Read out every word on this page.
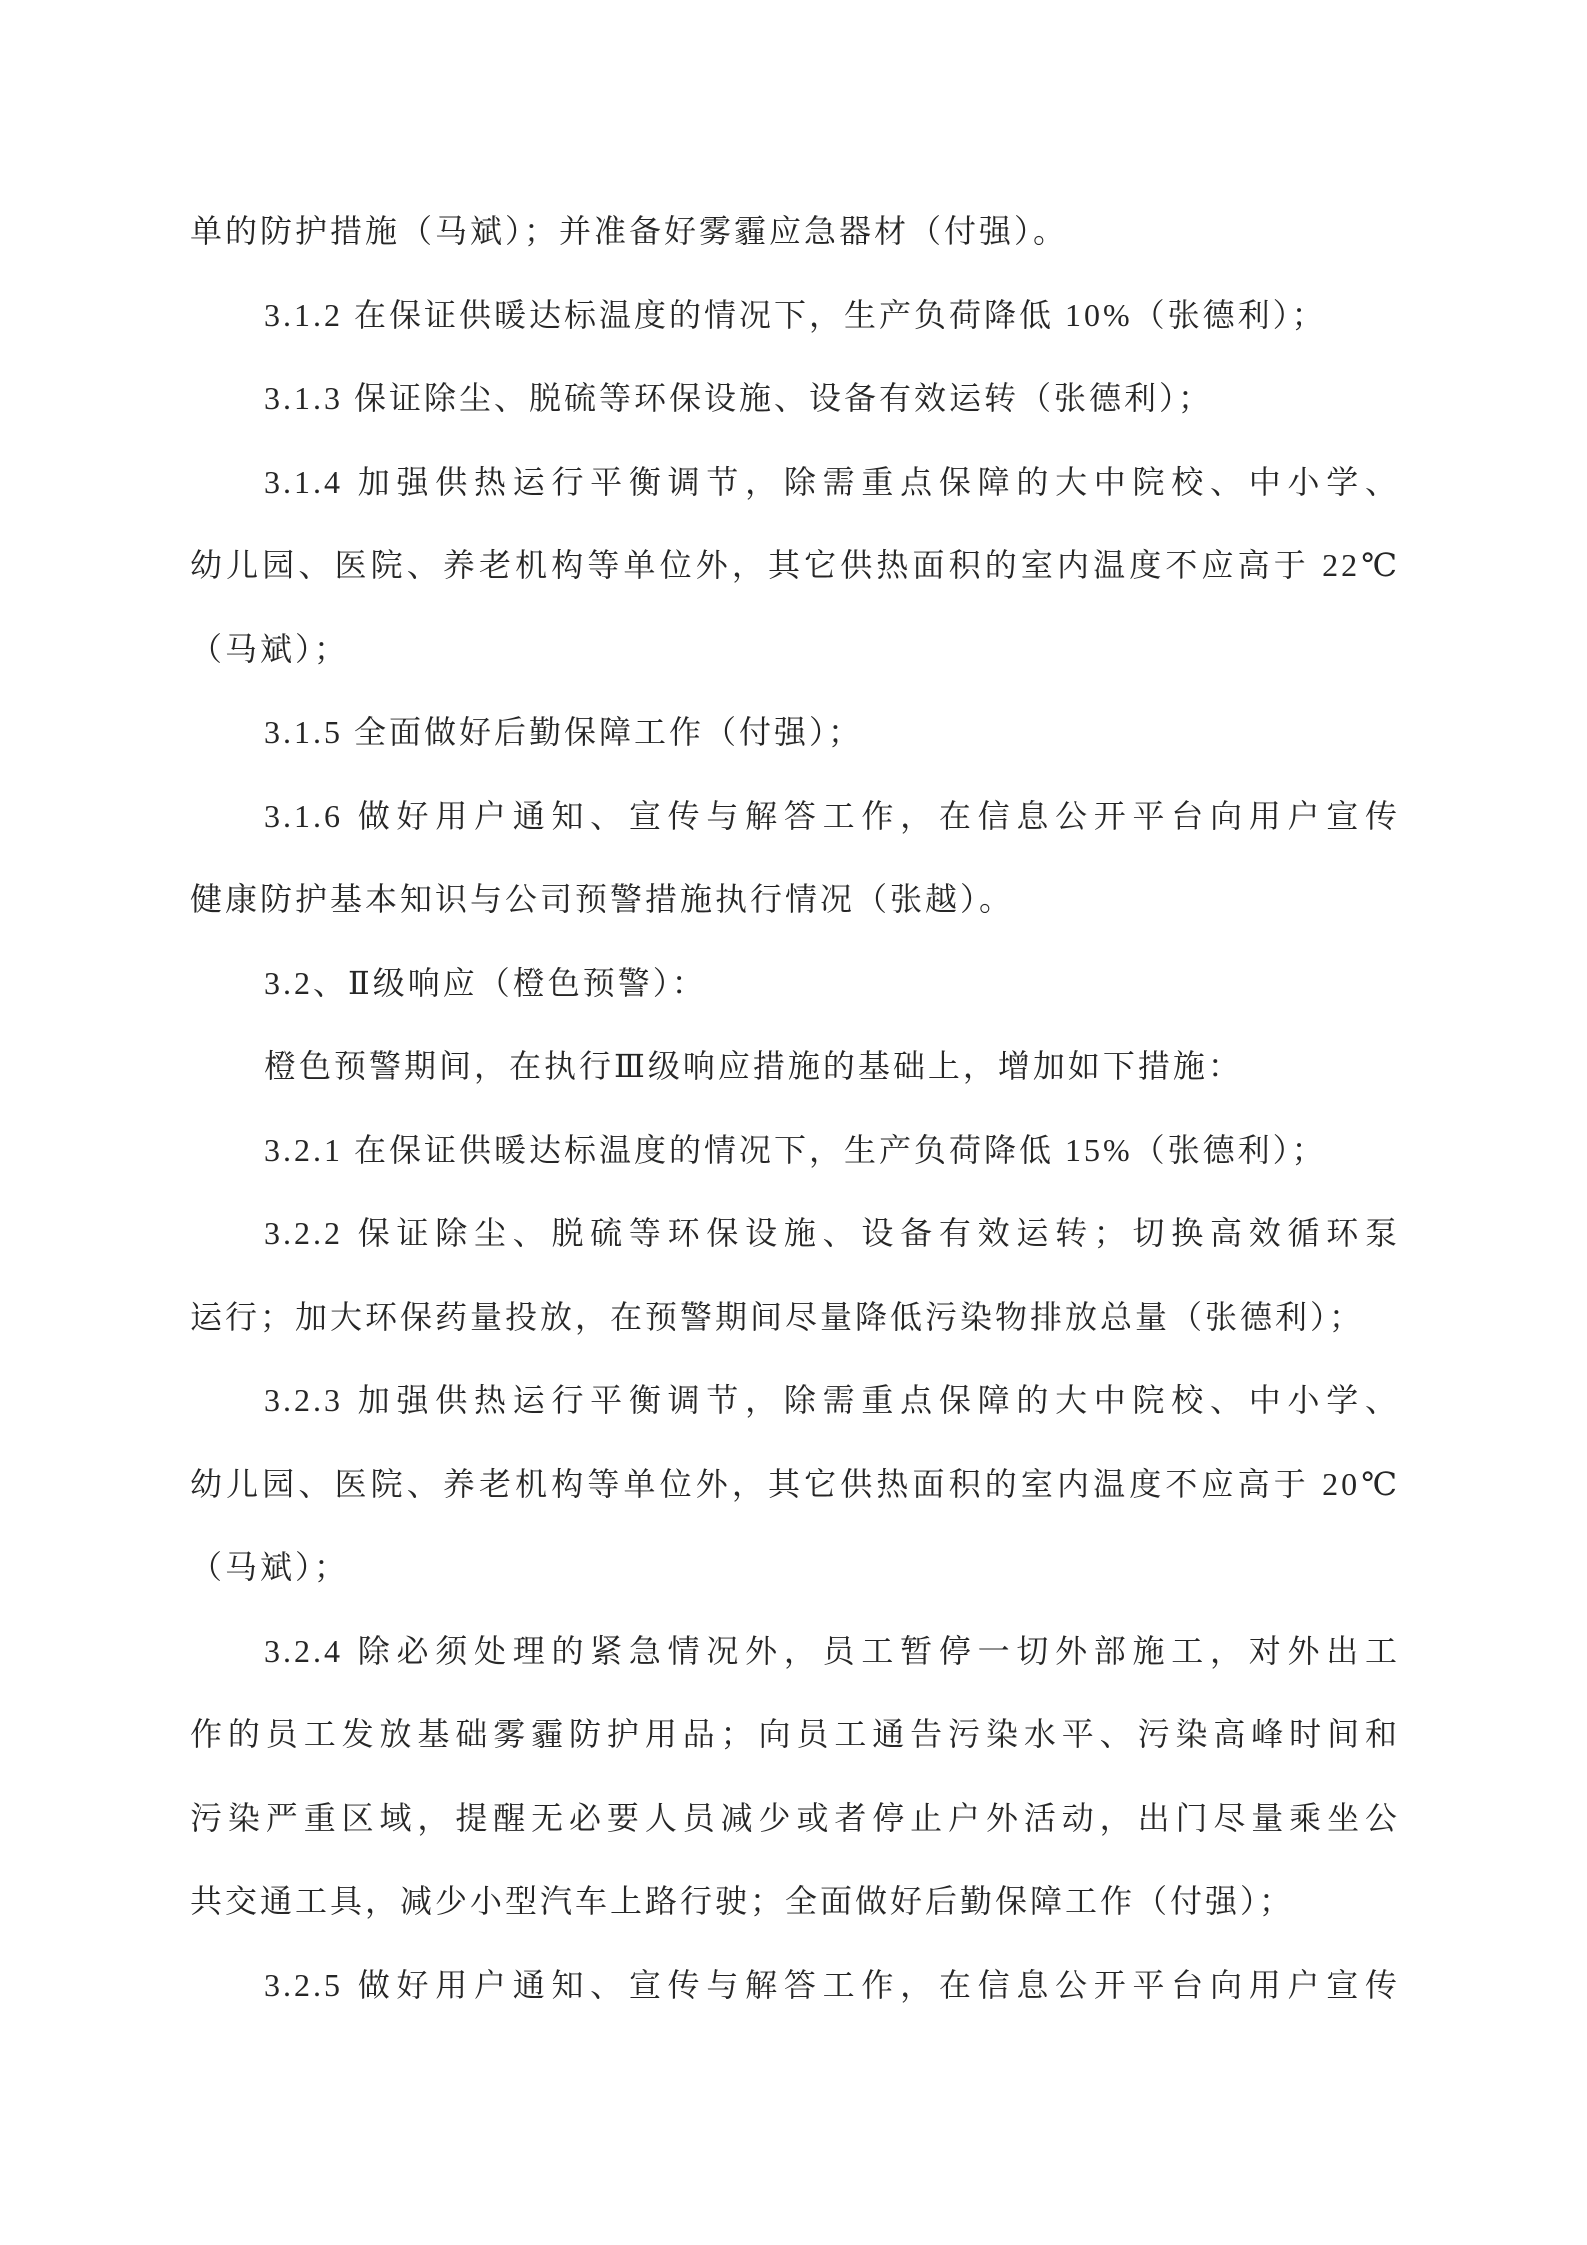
单的防护措施（马斌）；并准备好雾霾应急器材（付强）。
3.1.2 在保证供暖达标温度的情况下，生产负荷降低 10%（张德利）；
3.1.3 保证除尘、脱硫等环保设施、设备有效运转（张德利）；
3.1.4 加强供热运行平衡调节，除需重点保障的大中院校、中小学、
幼儿园、医院、养老机构等单位外，其它供热面积的室内温度不应高于 22℃
（马斌）；
3.1.5 全面做好后勤保障工作（付强）；
3.1.6 做好用户通知、宣传与解答工作，在信息公开平台向用户宣传
健康防护基本知识与公司预警措施执行情况（张越）。
3.2、Ⅱ级响应（橙色预警）：
橙色预警期间，在执行Ⅲ级响应措施的基础上，增加如下措施：
3.2.1 在保证供暖达标温度的情况下，生产负荷降低 15%（张德利）；
3.2.2 保证除尘、脱硫等环保设施、设备有效运转；切换高效循环泵
运行；加大环保药量投放，在预警期间尽量降低污染物排放总量（张德利）；
3.2.3 加强供热运行平衡调节，除需重点保障的大中院校、中小学、
幼儿园、医院、养老机构等单位外，其它供热面积的室内温度不应高于 20℃
（马斌）；
3.2.4 除必须处理的紧急情况外，员工暂停一切外部施工，对外出工
作的员工发放基础雾霾防护用品；向员工通告污染水平、污染高峰时间和
污染严重区域，提醒无必要人员减少或者停止户外活动，出门尽量乘坐公
共交通工具，减少小型汽车上路行驶；全面做好后勤保障工作（付强）；
3.2.5 做好用户通知、宣传与解答工作，在信息公开平台向用户宣传
